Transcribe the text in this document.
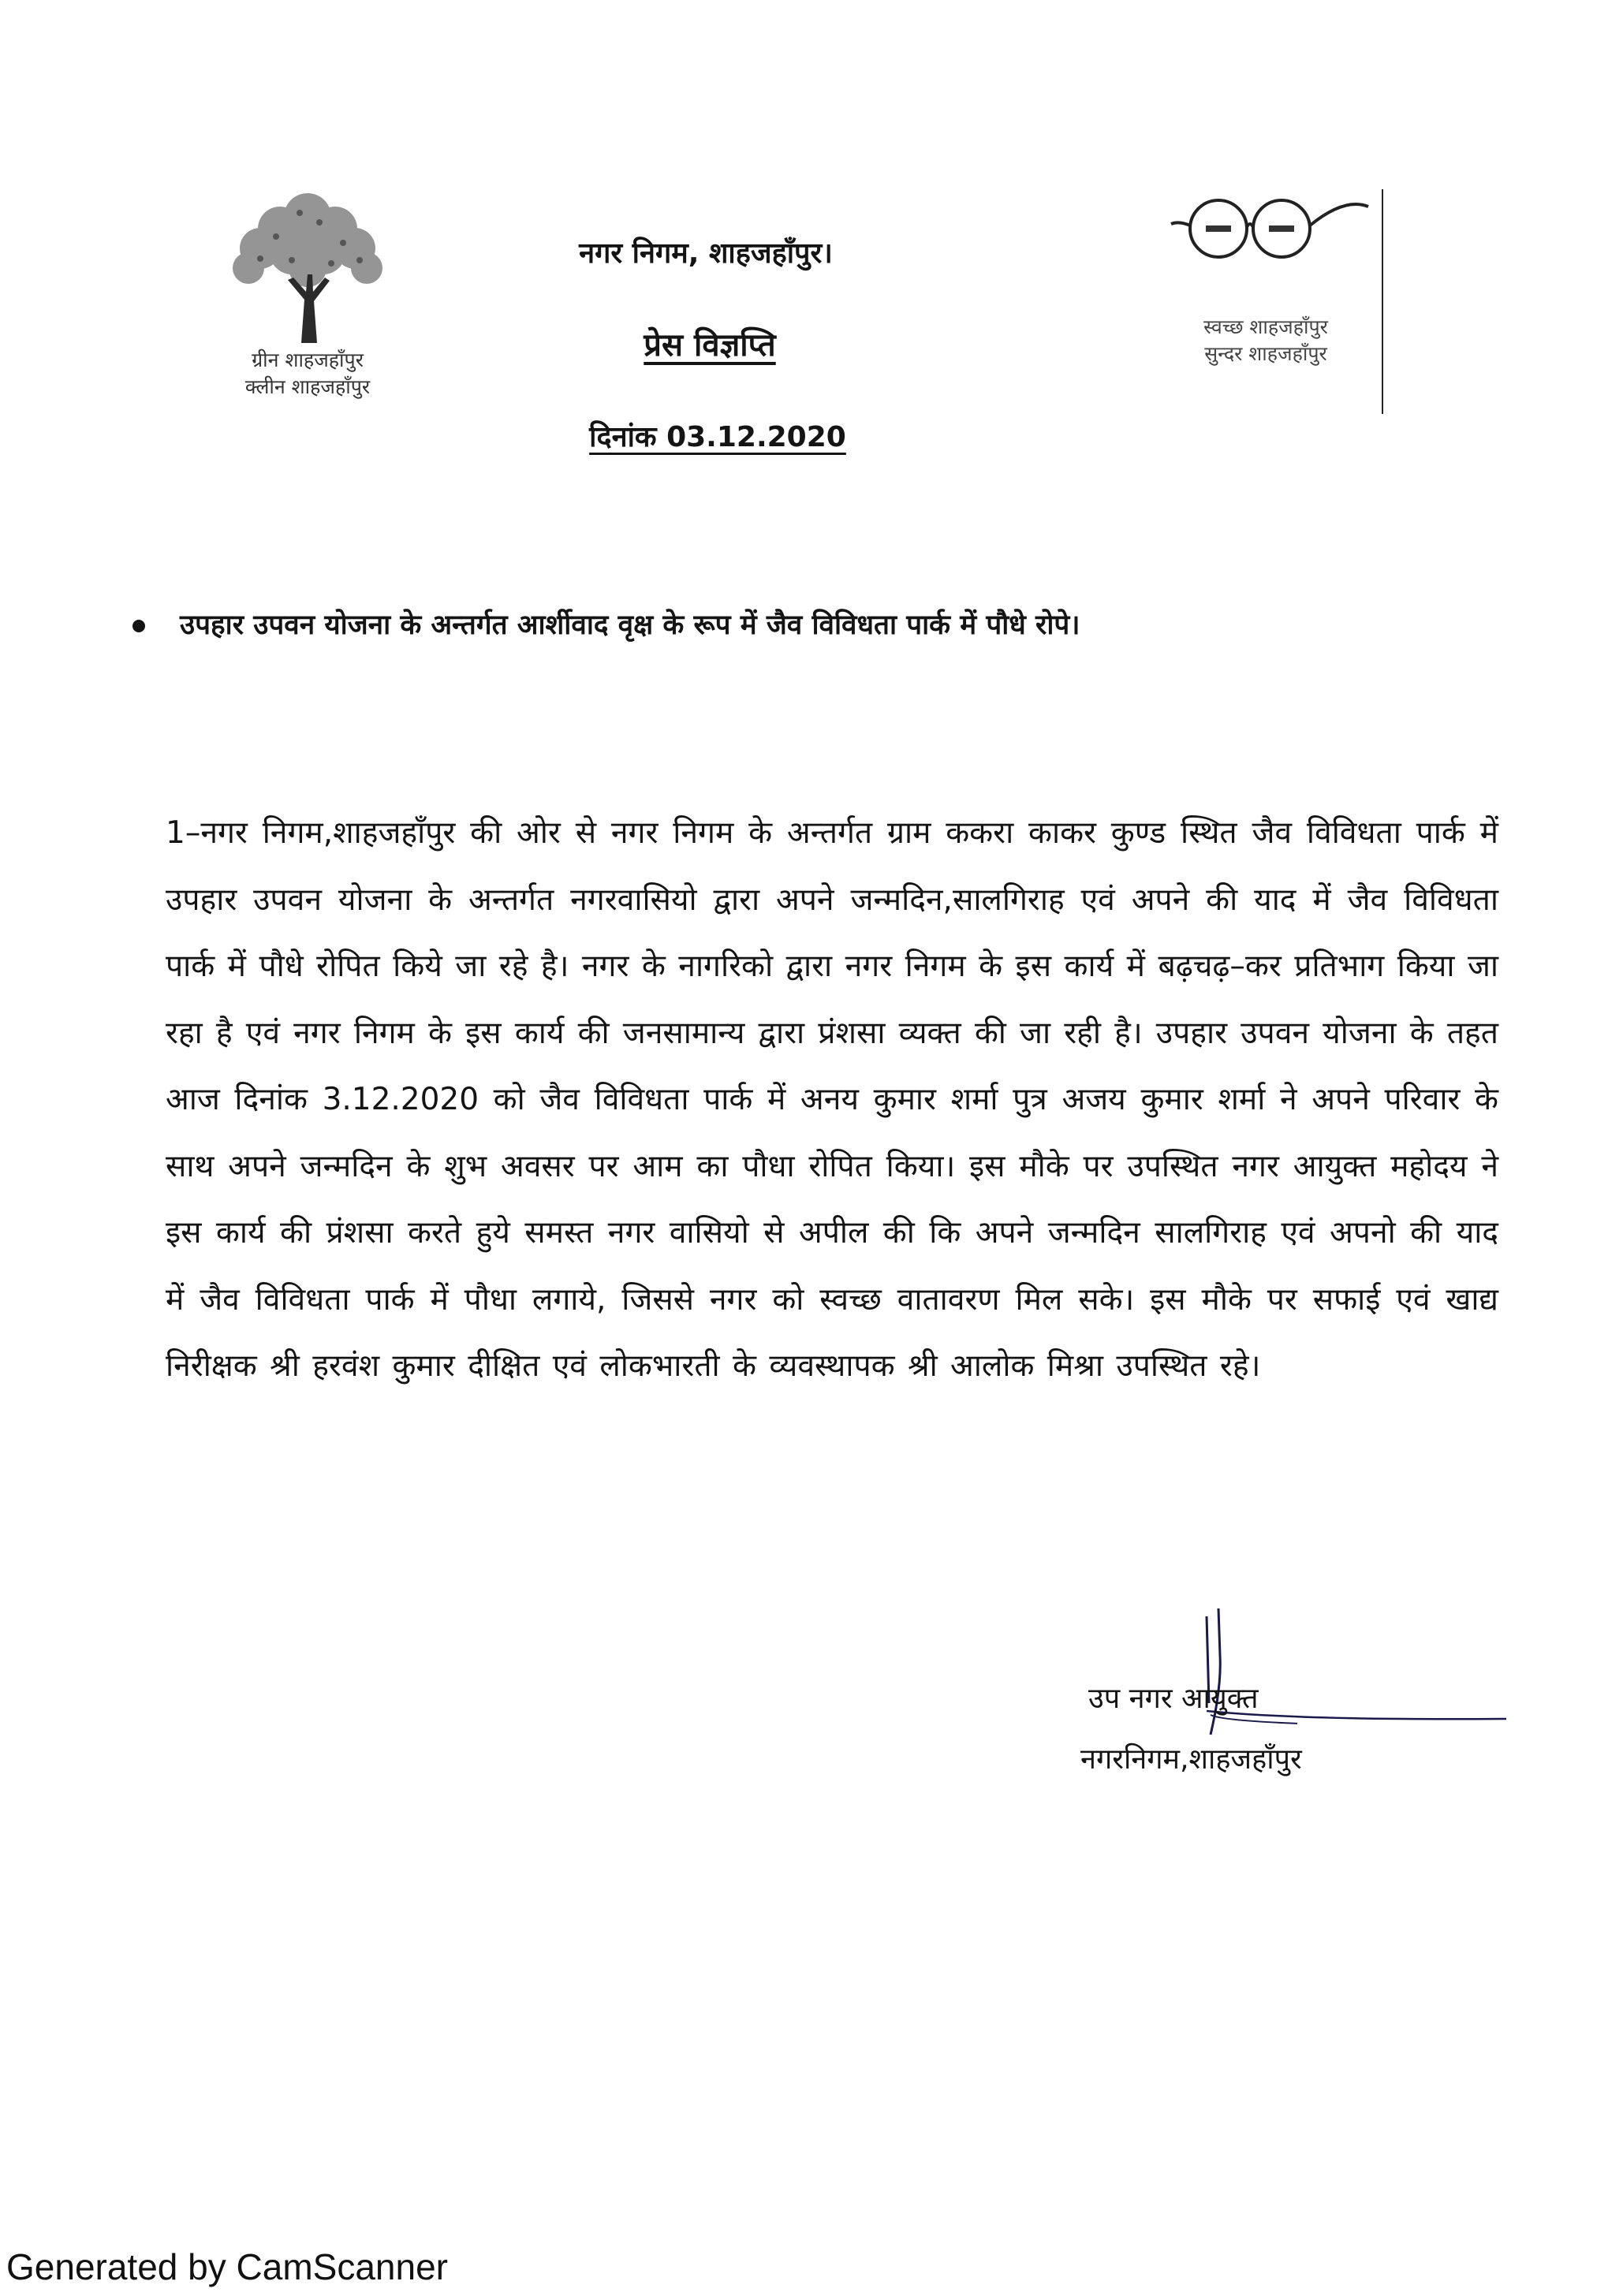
ग्रीन शाहजहाँपुर
क्लीन शाहजहाँपुर
नगर निगम, शाहजहाँपुर।
प्रेस विज्ञप्ति
दिनांक 03.12.2020
स्वच्छ शाहजहाँपुर
सुन्दर शाहजहाँपुर
उपहार उपवन योजना के अन्तर्गत आर्शीवाद वृक्ष के रूप में जैव विविधता पार्क में पौधे रोपे।
1–नगर निगम,शाहजहाँपुर की ओर से नगर निगम के अन्तर्गत ग्राम ककरा काकर कुण्ड स्थित जैव विविधता पार्क में उपहार उपवन योजना के अन्तर्गत नगरवासियो द्वारा अपने जन्मदिन,सालगिराह एवं अपने की याद में जैव विविधता पार्क में पौधे रोपित किये जा रहे है। नगर के नागरिको द्वारा नगर निगम के इस कार्य में बढ़चढ़–कर प्रतिभाग किया जा रहा है एवं नगर निगम के इस कार्य की जनसामान्य द्वारा प्रंशसा व्यक्त की जा रही है। उपहार उपवन योजना के तहत आज दिनांक 3.12.2020 को जैव विविधता पार्क में अनय कुमार शर्मा पुत्र अजय कुमार शर्मा ने अपने परिवार के साथ अपने जन्मदिन के शुभ अवसर पर आम का पौधा रोपित किया। इस मौके पर उपस्थित नगर आयुक्त महोदय ने इस कार्य की प्रंशसा करते हुये समस्त नगर वासियो से अपील की कि अपने जन्मदिन सालगिराह एवं अपनो की याद में जैव विविधता पार्क में पौधा लगाये, जिससे नगर को स्वच्छ वातावरण मिल सके। इस मौके पर सफाई एवं खाद्य निरीक्षक श्री हरवंश कुमार दीक्षित एवं लोकभारती के व्यवस्थापक श्री आलोक मिश्रा उपस्थित रहे।
उप नगर आयुक्त
नगरनिगम,शाहजहाँपुर
Generated by CamScanner
